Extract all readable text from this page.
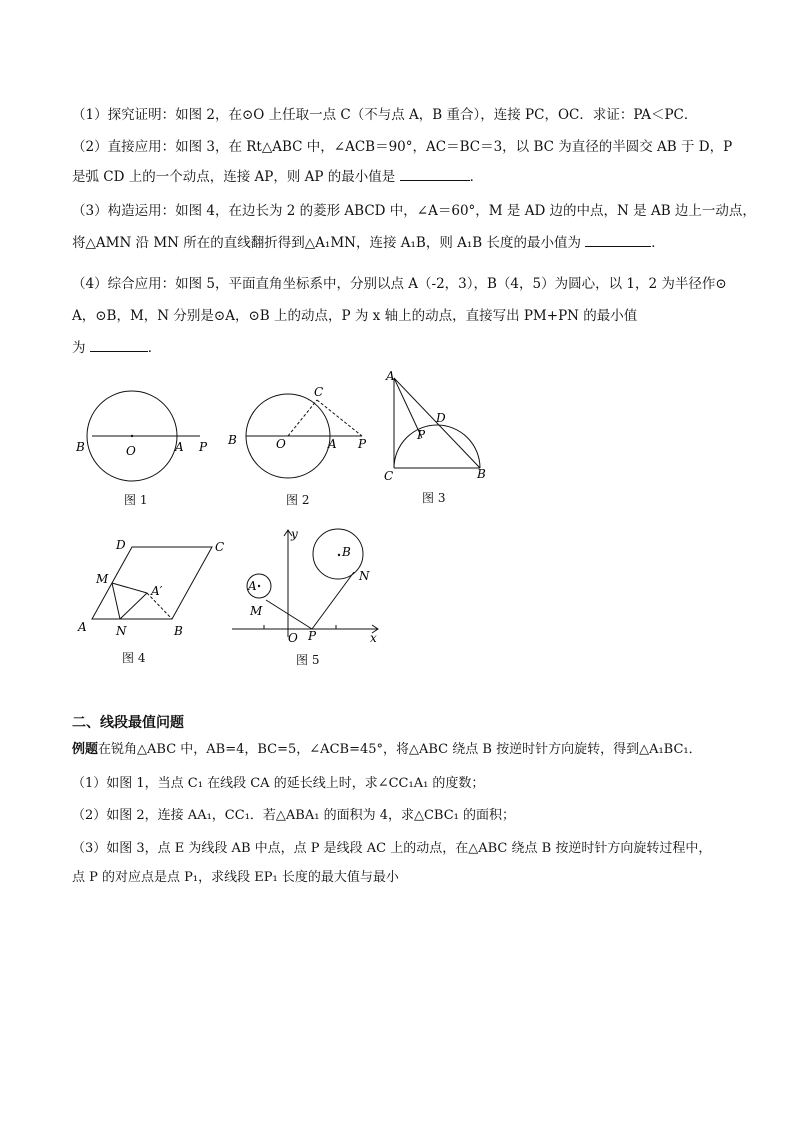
（1）探究证明：如图 2，在⊙O 上任取一点 C（不与点 A，B 重合），连接 PC，OC．求证：PA＜PC．
（2）直接应用：如图 3，在 Rt△ABC 中，∠ACB＝90°，AC＝BC＝3，以 BC 为直径的半圆交 AB 于 D，P
是弧 CD 上的一个动点，连接 AP，则 AP 的最小值是	．
（3）构造运用：如图 4，在边长为 2 的菱形 ABCD 中，∠A＝60°，M 是 AD 边的中点，N 是 AB 边上一动点，
将△AMN 沿 MN 所在的直线翻折得到△A₁MN，连接 A₁B，则 A₁B 长度的最小值为	．
（4）综合应用：如图 5，平面直角坐标系中，分别以点 A（-2，3），B（4，5）为圆心，以 1，2 为半径作⊙
A，⊙B，M，N 分别是⊙A，⊙B 上的动点，P 为 x 轴上的动点，直接写出 PM+PN 的最小值
为	．
B	O	A P
图 1
C
B	O	A P
图 2
A
D
P
C	B
图 3
D	C
M
A′
A N	B
图 4
y
B
N
A
M
O P	x
图 5
二、线段最值问题
例题在锐角△ABC 中，AB=4，BC=5，∠ACB=45°，将△ABC 绕点 B 按逆时针方向旋转，得到△A₁BC₁．
（1）如图 1，当点 C₁ 在线段 CA 的延长线上时，求∠CC₁A₁ 的度数；
（2）如图 2，连接 AA₁，CC₁．若△ABA₁ 的面积为 4，求△CBC₁ 的面积；
（3）如图 3，点 E 为线段 AB 中点，点 P 是线段 AC 上的动点，在△ABC 绕点 B 按逆时针方向旋转过程中，
点 P 的对应点是点 P₁，求线段 EP₁ 长度的最大值与最小
